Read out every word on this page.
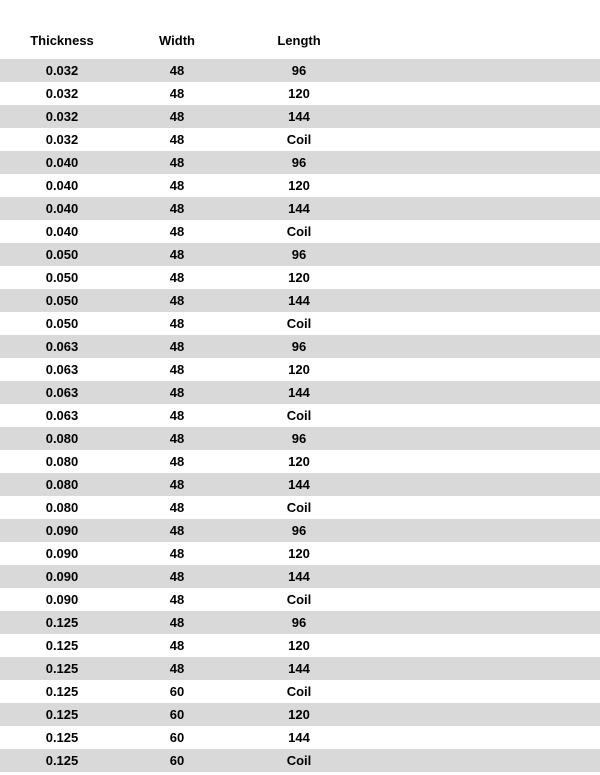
Thickness	Width	Length
0.032	48	96
0.032	48	120
0.032	48	144
0.032	48	Coil
0.040	48	96
0.040	48	120
0.040	48	144
0.040	48	Coil
0.050	48	96
0.050	48	120
0.050	48	144
0.050	48	Coil
0.063	48	96
0.063	48	120
0.063	48	144
0.063	48	Coil
0.080	48	96
0.080	48	120
0.080	48	144
0.080	48	Coil
0.090	48	96
0.090	48	120
0.090	48	144
0.090	48	Coil
0.125	48	96
0.125	48	120
0.125	48	144
0.125	60	Coil
0.125	60	120
0.125	60	144
0.125	60	Coil
